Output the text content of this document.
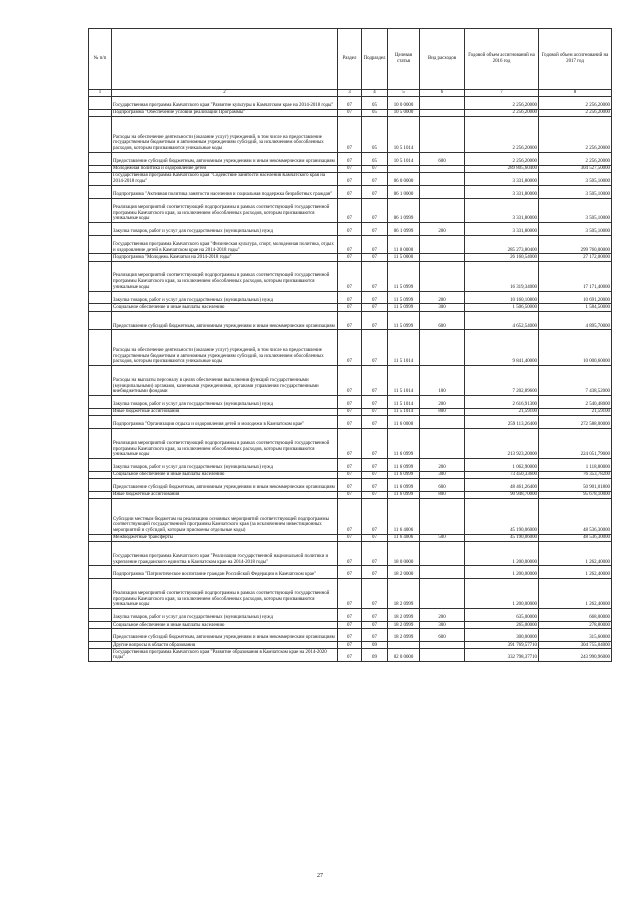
№ п/п		Раздел	Подраздел	Целевая статья	Вид расходов	Годовой объем ассигнований на 2016 год	Годовой объем ассигнований на 2017 год
1	2	3	4	5	6	7	8
	Государственная программа Камчатского края "Развитие культуры в Камчатском крае на 2014-2018 годы"	07	05	10 0 0000		2 256,20000	2 256,20000
	Подпрограмма "Обеспечение условий реализации Программы"	07	05	10 5 0000		2 256,20000	2 256,20000
	Расходы на обеспечение деятельности (оказание услуг) учреждений, в том числе на предоставление государственным бюджетным и автономным учреждениям субсидий, за исключением обособленных расходов, которым присваиваются уникальные коды	07	05	10 5 1014		2 256,20000	2 256,20000
	Предоставление субсидий бюджетным, автономным учреждениям и иным некоммерческим организациям	07	05	10 5 1014	600	2 256,20000	2 256,20000
	Молодежная политика и оздоровление детей	07	07			289 805,60400	304 527,50000
	Государственная программа Камчатского края "Содействие занятости населения Камчатского края на 2014-2018 годы"	07	07	06 0 0000		3 331,80000	3 505,10000
	Подпрограмма "Активная политика занятости населения и социальная поддержка безработных граждан"	07	07	06 1 0000		3 331,80000	3 505,10000
	Реализация мероприятий соответствующей подпрограммы в рамках соответствующей государственной программы Камчатского края, за исключением обособленных расходов, которым присваиваются уникальные коды	07	07	06 1 0999		3 331,80000	3 505,10000
	Закупка товаров, работ и услуг для государственных (муниципальных) нужд	07	07	06 1 0999	200	3 331,80000	3 505,10000
	Государственная программа Камчатского края "Физическая культура, спорт, молодежная политика, отдых и оздоровление детей в Камчатском крае на 2014-2018 годы"	07	07	11 0 0000		285 273,80400	299 760,00000
	Подпрограмма "Молодежь Камчатки на 2014-2018 годы"	07	07	11 5 0000		26 160,54000	27 172,00000
	Реализация мероприятий соответствующей подпрограммы в рамках соответствующей государственной программы Камчатского края, за исключением обособленных расходов, которым присваиваются уникальные коды	07	07	11 5 0999		16 319,34000	17 171,40000
	Закупка товаров, работ и услуг для государственных (муниципальных) нужд	07	07	11 5 0999	200	10 160,10800	10 691,20000
	Социальное обеспечение и иные выплаты населению	07	07	11 5 0999	300	1 506,50000	1 584,50000
	Предоставление субсидий бюджетным, автономным учреждениям и иным некоммерческим организациям	07	07	11 5 0999	600	4 652,54000	4 895,70000
	Расходы на обеспечение деятельности (оказание услуг) учреждений, в том числе на предоставление государственным бюджетным и автономным учреждениям субсидий, за исключением обособленных расходов, которым присваиваются уникальные коды	07	07	11 5 1014		9 841,40000	10 000,60000
	Расходы на выплаты персоналу в целях обеспечения выполнения функций государственными (муниципальными) органами, казенными учреждениями, органами управления государственными внебюджетными фондами	07	07	11 5 1014	100	7 202,89600	7 438,52000
	Закупка товаров, работ и услуг для государственных (муниципальных) нужд	07	07	11 5 1014	200	2 616,91300	2 540,48000
	Иные бюджетные ассигнования	07	07	11 5 1014	800	21,59100	21,59100
	Подпрограмма "Организация отдыха и оздоровления детей и молодежи в Камчатском крае"	07	07	11 6 0000		259 113,26400	272 588,00000
	Реализация мероприятий соответствующей подпрограммы в рамках соответствующей государственной программы Камчатского края, за исключением обособленных расходов, которым присваиваются уникальные коды	07	07	11 6 0999		213 923,20000	224 051,79000
	Закупка товаров, работ и услуг для государственных (муниципальных) нужд	07	07	11 6 0999	200	1 062,90000	1 118,80000
	Социальное обеспечение и иные выплаты населению	07	07	11 6 0999	300	73 450,33600	76 353,78200
	Предоставление субсидий бюджетным, автономным учреждениям и иным некоммерческим организациям	07	07	11 6 0999	600	48 461,26400	50 901,01800
	Иные бюджетные ассигнования	07	07	11 6 0999	800	90 948,70000	95 678,10000
	Субсидии местным бюджетам на реализацию основных мероприятий соответствующей подпрограммы соответствующей государственной программы Камчатского края (за исключением инвестиционных мероприятий и субсидий, которым присвоены отдельные коды)	07	07	11 6 4006		45 190,06000	48 536,30000
	Межбюджетные трансферты	07	07	11 6 4006	500	45 190,06000	48 536,30000
	Государственная программа Камчатского края "Реализация государственной национальной политики и укрепление гражданского единства в Камчатском крае на 2014-2018 годы"	07	07	18 0 0000		1 200,00000	1 262,40000
	Подпрограмма "Патриотическое воспитание граждан Российской Федерации в Камчатском крае"	07	07	18 2 0000		1 200,00000	1 262,40000
	Реализация мероприятий соответствующей подпрограммы в рамках соответствующей государственной программы Камчатского края, за исключением обособленных расходов, которым присваиваются уникальные коды	07	07	18 2 0999		1 200,00000	1 262,40000
	Закупка товаров, работ и услуг для государственных (муниципальных) нужд	07	07	18 2 0999	200	635,00000	668,00000
	Социальное обеспечение и иные выплаты населению	07	07	18 2 0999	300	265,00000	278,80000
	Предоставление субсидий бюджетным, автономным учреждениям и иным некоммерческим организациям	07	07	18 2 0999	600	300,00000	315,60000
	Другие вопросы в области образования	07	09			391 769,57710	304 755,04000
	Государственная программа Камчатского края "Развитие образования в Камчатском крае на 2014-2020 годы"	07	09	02 0 0000		332 798,37710	243 990,96000
27
